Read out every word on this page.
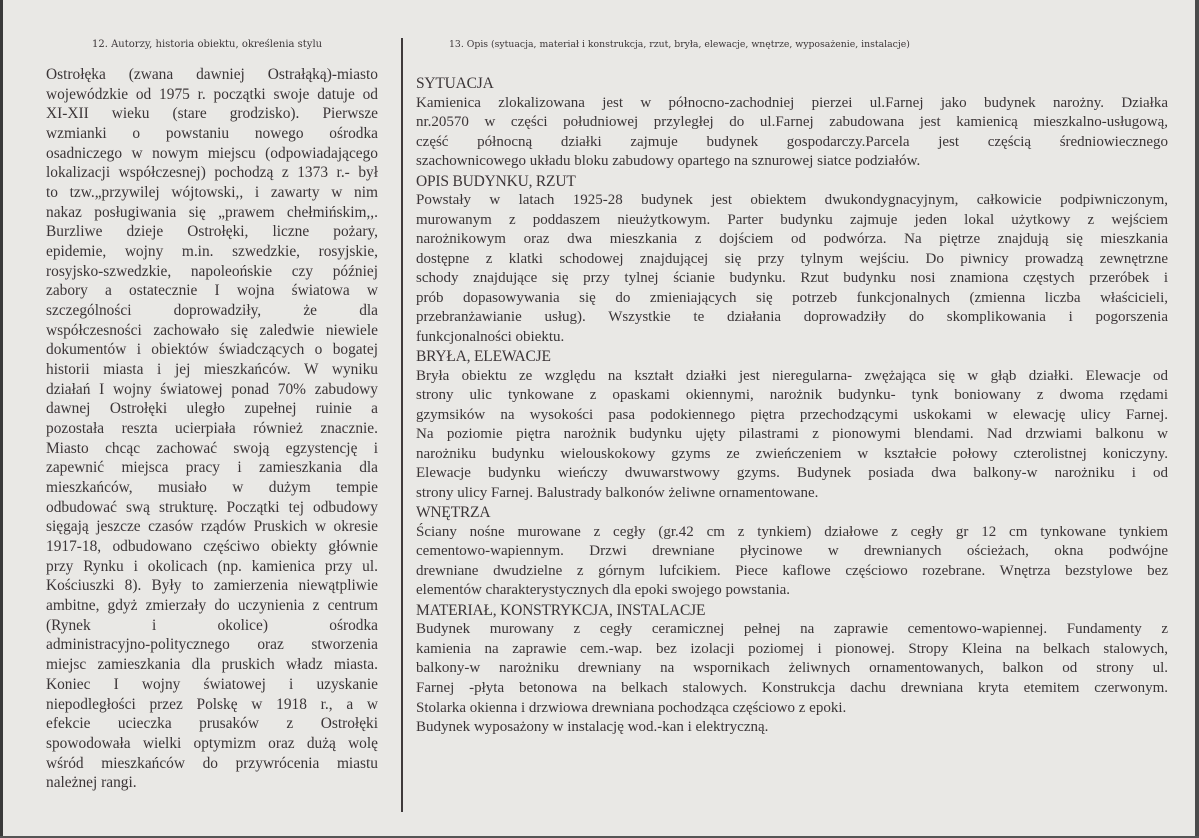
12. Autorzy, historia obiektu, określenia stylu	13. Opis (sytuacja, materiał i konstrukcja, rzut, bryła, elewacje, wnętrze, wyposażenie, instalacje)
Ostrołęka (zwana dawniej Ostrałąką)-miasto
wojewódzkie od 1975 r. początki swoje datuje od
XI-XII wieku (stare grodzisko). Pierwsze
wzmianki o powstaniu nowego ośrodka
osadniczego w nowym miejscu (odpowiadającego
lokalizacji współczesnej) pochodzą z 1373 r.- był
to tzw.„przywilej wójtowski,, i zawarty w nim
nakaz posługiwania się „prawem chełmińskim,,.
Burzliwe dzieje Ostrołęki, liczne pożary,
epidemie, wojny m.in. szwedzkie, rosyjskie,
rosyjsko-szwedzkie, napoleońskie czy później
zabory a ostatecznie I wojna światowa w
szczególności doprowadziły, że dla
współczesności zachowało się zaledwie niewiele
dokumentów i obiektów świadczących o bogatej
historii miasta i jej mieszkańców. W wyniku
działań I wojny światowej ponad 70% zabudowy
dawnej Ostrołęki uległo zupełnej ruinie a
pozostała reszta ucierpiała również znacznie.
Miasto chcąc zachować swoją egzystencję i
zapewnić miejsca pracy i zamieszkania dla
mieszkańców, musiało w dużym tempie
odbudować swą strukturę. Początki tej odbudowy
sięgają jeszcze czasów rządów Pruskich w okresie
1917-18, odbudowano częściwo obiekty głównie
przy Rynku i okolicach (np. kamienica przy ul.
Kościuszki 8). Były to zamierzenia niewątpliwie
ambitne, gdyż zmierzały do uczynienia z centrum
(Rynek i okolice) ośrodka
administracyjno-politycznego oraz stworzenia
miejsc zamieszkania dla pruskich władz miasta.
Koniec I wojny światowej i uzyskanie
niepodległości przez Polskę w 1918 r., a w
efekcie ucieczka prusaków z Ostrołęki
spowodowała wielki optymizm oraz dużą wolę
wśród mieszkańców do przywrócenia miastu
należnej rangi.
SYTUACJA
Kamienica zlokalizowana jest w północno-zachodniej pierzei ul.Farnej jako budynek narożny. Działka
nr.20570 w części południowej przyległej do ul.Farnej zabudowana jest kamienicą mieszkalno-usługową,
część północną działki zajmuje budynek gospodarczy.Parcela jest częścią średniowiecznego
szachownicowego układu bloku zabudowy opartego na sznurowej siatce podziałów.
OPIS BUDYNKU, RZUT
Powstały w latach 1925-28 budynek jest obiektem dwukondygnacyjnym, całkowicie podpiwniczonym,
murowanym z poddaszem nieużytkowym. Parter budynku zajmuje jeden lokal użytkowy z wejściem
narożnikowym oraz dwa mieszkania z dojściem od podwórza. Na piętrze znajdują się mieszkania
dostępne z klatki schodowej znajdującej się przy tylnym wejściu. Do piwnicy prowadzą zewnętrzne
schody znajdujące się przy tylnej ścianie budynku. Rzut budynku nosi znamiona częstych przeróbek i
prób dopasowywania się do zmieniających się potrzeb funkcjonalnych (zmienna liczba właścicieli,
przebranżawianie usług). Wszystkie te działania doprowadziły do skomplikowania i pogorszenia
funkcjonalności obiektu.
BRYŁA, ELEWACJE
Bryła obiektu ze względu na kształt działki jest nieregularna- zwężająca się w głąb działki. Elewacje od
strony ulic tynkowane z opaskami okiennymi, narożnik budynku- tynk boniowany z dwoma rzędami
gzymsików na wysokości pasa podokiennego piętra przechodzącymi uskokami w elewację ulicy Farnej.
Na poziomie piętra narożnik budynku ujęty pilastrami z pionowymi blendami. Nad drzwiami balkonu w
narożniku budynku wielouskokowy gzyms ze zwieńczeniem w kształcie połowy czterolistnej koniczyny.
Elewacje budynku wieńczy dwuwarstwowy gzyms. Budynek posiada dwa balkony-w narożniku i od
strony ulicy Farnej. Balustrady balkonów żeliwne ornamentowane.
WNĘTRZA
Ściany nośne murowane z cegły (gr.42 cm z tynkiem) działowe z cegły gr 12 cm tynkowane tynkiem
cementowo-wapiennym. Drzwi drewniane płycinowe w drewnianych ościeżach, okna podwójne
drewniane dwudzielne z górnym lufcikiem. Piece kaflowe częściowo rozebrane. Wnętrza bezstylowe bez
elementów charakterystycznych dla epoki swojego powstania.
MATERIAŁ, KONSTRYKCJA, INSTALACJE
Budynek murowany z cegły ceramicznej pełnej na zaprawie cementowo-wapiennej. Fundamenty z
kamienia na zaprawie cem.-wap. bez izolacji poziomej i pionowej. Stropy Kleina na belkach stalowych,
balkony-w narożniku drewniany na wspornikach żeliwnych ornamentowanych, balkon od strony ul.
Farnej -płyta betonowa na belkach stalowych. Konstrukcja dachu drewniana kryta etemitem czerwonym.
Stolarka okienna i drzwiowa drewniana pochodząca częściowo z epoki.
Budynek wyposażony w instalację wod.-kan i elektryczną.
